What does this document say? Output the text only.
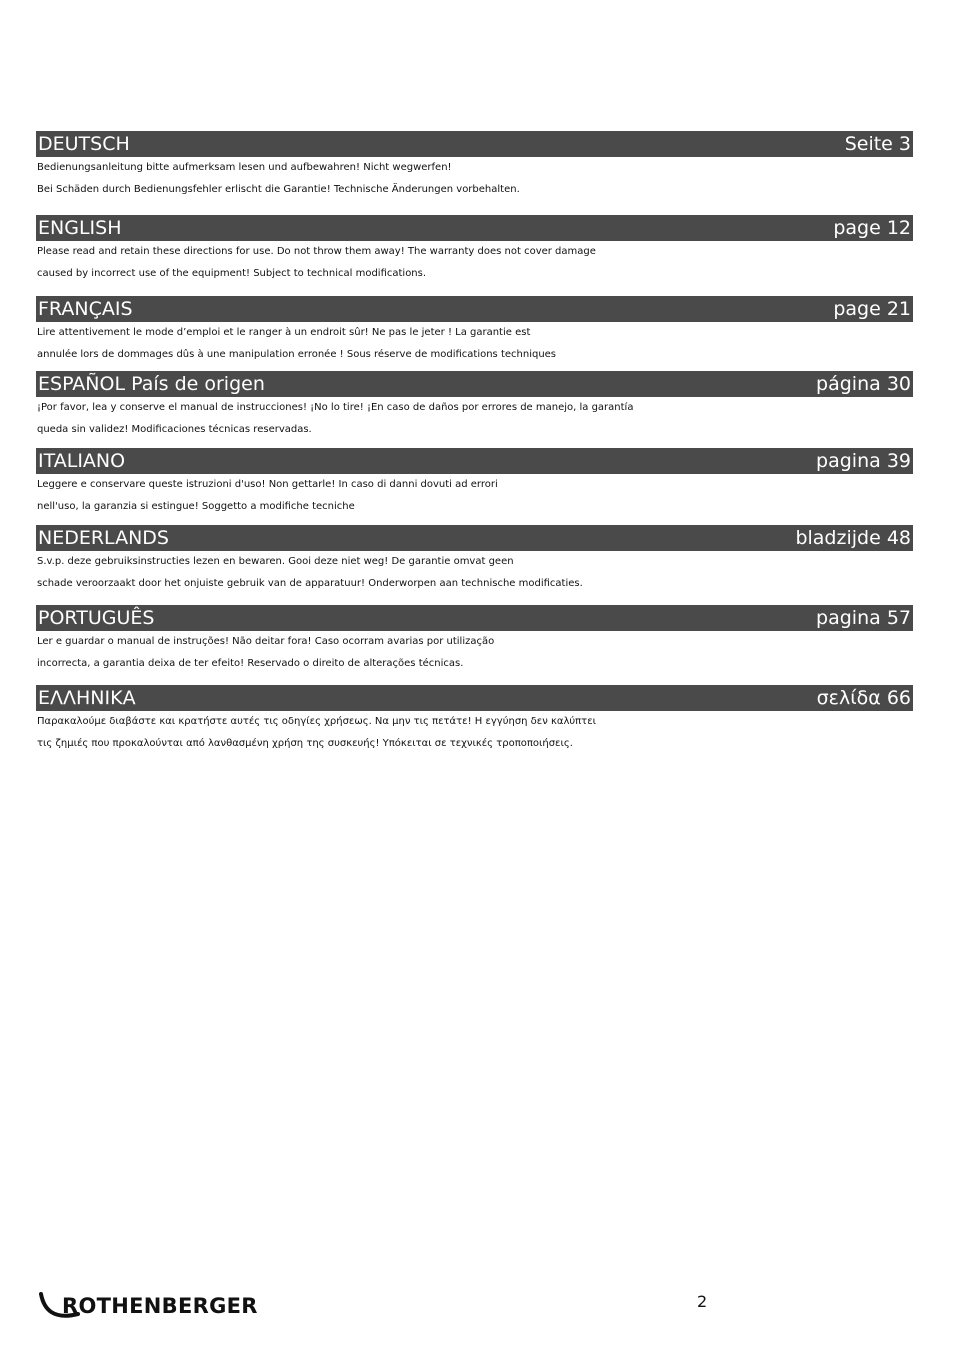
DEUTSCH	Seite 3
Bedienungsanleitung bitte aufmerksam lesen und aufbewahren! Nicht wegwerfen!
Bei Schäden durch Bedienungsfehler erlischt die Garantie! Technische Änderungen vorbehalten.
ENGLISH	page 12
Please read and retain these directions for use. Do not throw them away! The warranty does not cover damage
caused by incorrect use of the equipment! Subject to technical modifications.
FRANÇAIS	page 21
Lire attentivement le mode d’emploi et le ranger à un endroit sûr! Ne pas le jeter ! La garantie est
annulée lors de dommages dûs à une manipulation erronée ! Sous réserve de modifications techniques
ESPAÑOL País de origen	página 30
¡Por favor, lea y conserve el manual de instrucciones! ¡No lo tire! ¡En caso de daños por errores de manejo, la garantía
queda sin validez! Modificaciones técnicas reservadas.
ITALIANO	pagina 39
Leggere e conservare queste istruzioni d'uso! Non gettarle! In caso di danni dovuti ad errori
nell'uso, la garanzia si estingue! Soggetto a modifiche tecniche
NEDERLANDS	bladzijde 48
S.v.p. deze gebruiksinstructies lezen en bewaren. Gooi deze niet weg! De garantie omvat geen
schade veroorzaakt door het onjuiste gebruik van de apparatuur! Onderworpen aan technische modificaties.
PORTUGUÊS	pagina 57
Ler e guardar o manual de instruções! Não deitar fora! Caso ocorram avarias por utilização
incorrecta, a garantia deixa de ter efeito! Reservado o direito de alterações técnicas.
ΕΛΛΗΝΙΚΑ	σελίδα 66
Παρακαλούμε διαβάστε και κρατήστε αυτές τις οδηγίες χρήσεως. Να μην τις πετάτε! Η εγγύηση δεν καλύπτει
τις ζημιές που προκαλούνται από λανθασμένη χρήση της συσκευής! Υπόκειται σε τεχνικές τροποποιήσεις.
ROTHENBERGER	2
